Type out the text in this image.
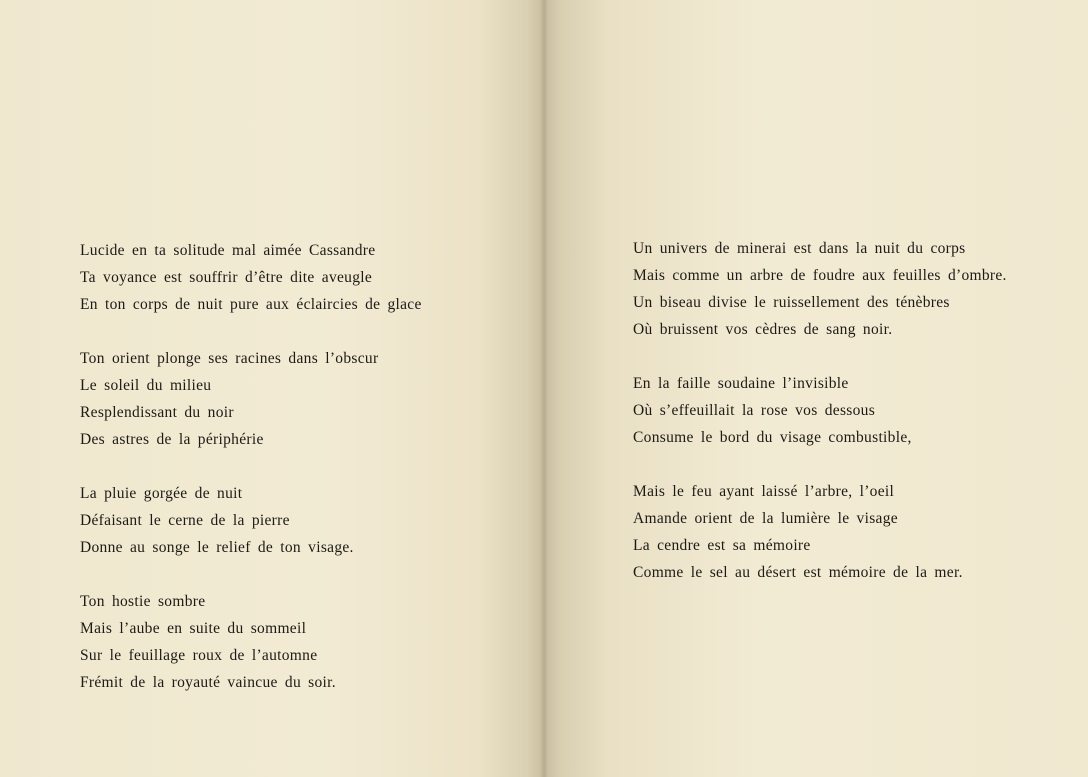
Lucide en ta solitude mal aimée Cassandre
Ta voyance est souffrir d’être dite aveugle
En ton corps de nuit pure aux éclaircies de glace
Ton orient plonge ses racines dans l’obscur
Le soleil du milieu
Resplendissant du noir
Des astres de la périphérie
La pluie gorgée de nuit
Défaisant le cerne de la pierre
Donne au songe le relief de ton visage.
Ton hostie sombre
Mais l’aube en suite du sommeil
Sur le feuillage roux de l’automne
Frémit de la royauté vaincue du soir.
Un univers de minerai est dans la nuit du corps
Mais comme un arbre de foudre aux feuilles d’ombre.
Un biseau divise le ruissellement des ténèbres
Où bruissent vos cèdres de sang noir.
En la faille soudaine l’invisible
Où s’effeuillait la rose vos dessous
Consume le bord du visage combustible,
Mais le feu ayant laissé l’arbre, l’oeil
Amande orient de la lumière le visage
La cendre est sa mémoire
Comme le sel au désert est mémoire de la mer.
